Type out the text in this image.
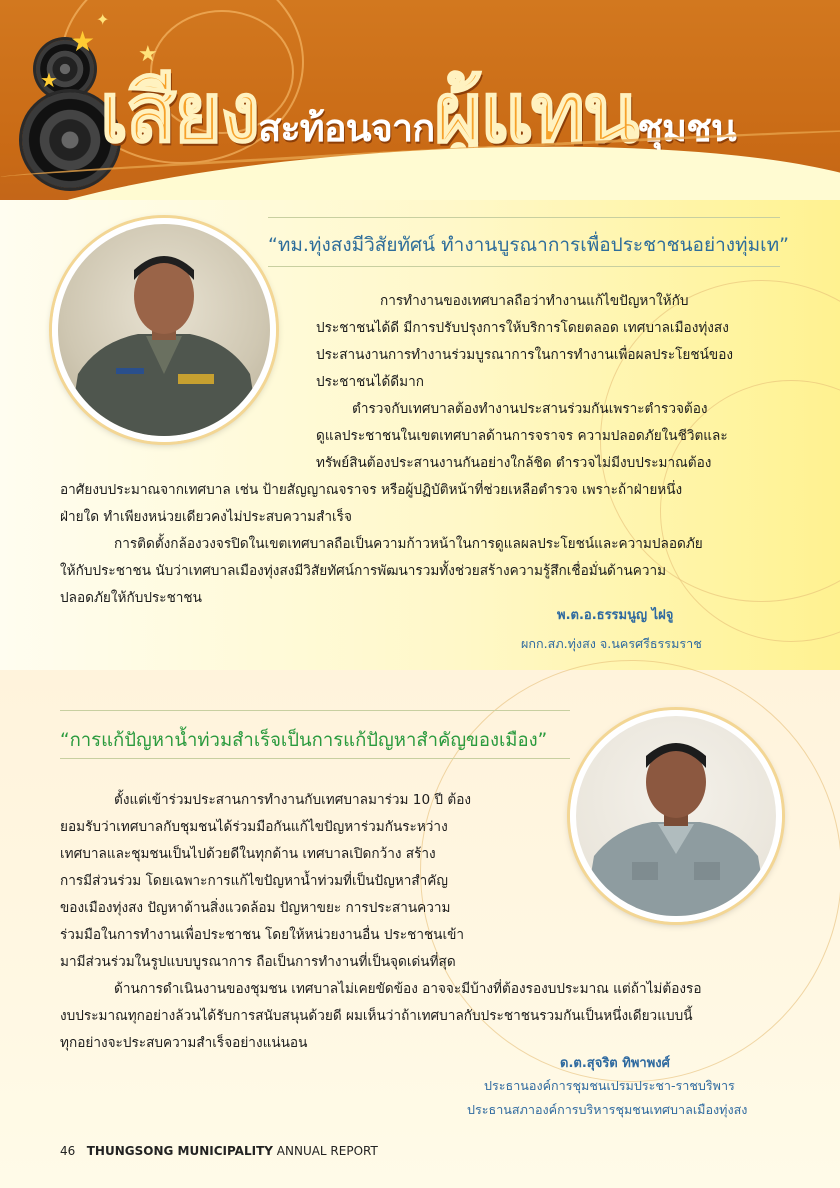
★
★
★
✦
เสียงสะท้อนจากผู้แทนชุมชน
“ทม.ทุ่งสงมีวิสัยทัศน์ ทำงานบูรณาการเพื่อประชาชนอย่างทุ่มเท”

การทำงานของเทศบาลถือว่าทำงานแก้ไขปัญหาให้กับ

ประชาชนได้ดี มีการปรับปรุงการให้บริการโดยตลอด เทศบาลเมืองทุ่งสง

ประสานงานการทำงานร่วมบูรณาการในการทำงานเพื่อผลประโยชน์ของ

ประชาชนได้ดีมาก

ตำรวจกับเทศบาลต้องทำงานประสานร่วมกันเพราะตำรวจต้อง

ดูแลประชาชนในเขตเทศบาลด้านการจราจร ความปลอดภัยในชีวิตและ

ทรัพย์สินต้องประสานงานกันอย่างใกล้ชิด ตำรวจไม่มีงบประมาณต้อง

อาศัยงบประมาณจากเทศบาล เช่น ป้ายสัญญาณจราจร หรือผู้ปฏิบัติหน้าที่ช่วยเหลือตำรวจ เพราะถ้าฝ่ายหนึ่ง

ฝ่ายใด ทำเพียงหน่วยเดียวคงไม่ประสบความสำเร็จ

การติดตั้งกล้องวงจรปิดในเขตเทศบาลถือเป็นความก้าวหน้าในการดูแลผลประโยชน์และความปลอดภัย

ให้กับประชาชน นับว่าเทศบาลเมืองทุ่งสงมีวิสัยทัศน์การพัฒนารวมทั้งช่วยสร้างความรู้สึกเชื่อมั่นด้านความ

ปลอดภัยให้กับประชาชน

พ.ต.อ.ธรรมนูญ ไฝจู
ผกก.สภ.ทุ่งสง จ.นครศรีธรรมราช
“การแก้ปัญหาน้ำท่วมสำเร็จเป็นการแก้ปัญหาสำคัญของเมือง”

ตั้งแต่เข้าร่วมประสานการทำงานกับเทศบาลมาร่วม 10 ปี ต้อง

ยอมรับว่าเทศบาลกับชุมชนได้ร่วมมือกันแก้ไขปัญหาร่วมกันระหว่าง

เทศบาลและชุมชนเป็นไปด้วยดีในทุกด้าน เทศบาลเปิดกว้าง สร้าง

การมีส่วนร่วม โดยเฉพาะการแก้ไขปัญหาน้ำท่วมที่เป็นปัญหาสำคัญ

ของเมืองทุ่งสง ปัญหาด้านสิ่งแวดล้อม ปัญหาขยะ การประสานความ

ร่วมมือในการทำงานเพื่อประชาชน โดยให้หน่วยงานอื่น ประชาชนเข้า

มามีส่วนร่วมในรูปแบบบูรณาการ ถือเป็นการทำงานที่เป็นจุดเด่นที่สุด

ด้านการดำเนินงานของชุมชน เทศบาลไม่เคยขัดข้อง อาจจะมีบ้างที่ต้องรองบประมาณ แต่ถ้าไม่ต้องรอ

งบประมาณทุกอย่างล้วนได้รับการสนับสนุนด้วยดี ผมเห็นว่าถ้าเทศบาลกับประชาชนรวมกันเป็นหนึ่งเดียวแบบนี้

ทุกอย่างจะประสบความสำเร็จอย่างแน่นอน

ด.ต.สุจริต ทิพาพงศ์
ประธานองค์การชุมชนเปรมประชา-ราชบริพาร
ประธานสภาองค์การบริหารชุมชนเทศบาลเมืองทุ่งสง
46 THUNGSONG MUNICIPALITY ANNUAL REPORT
